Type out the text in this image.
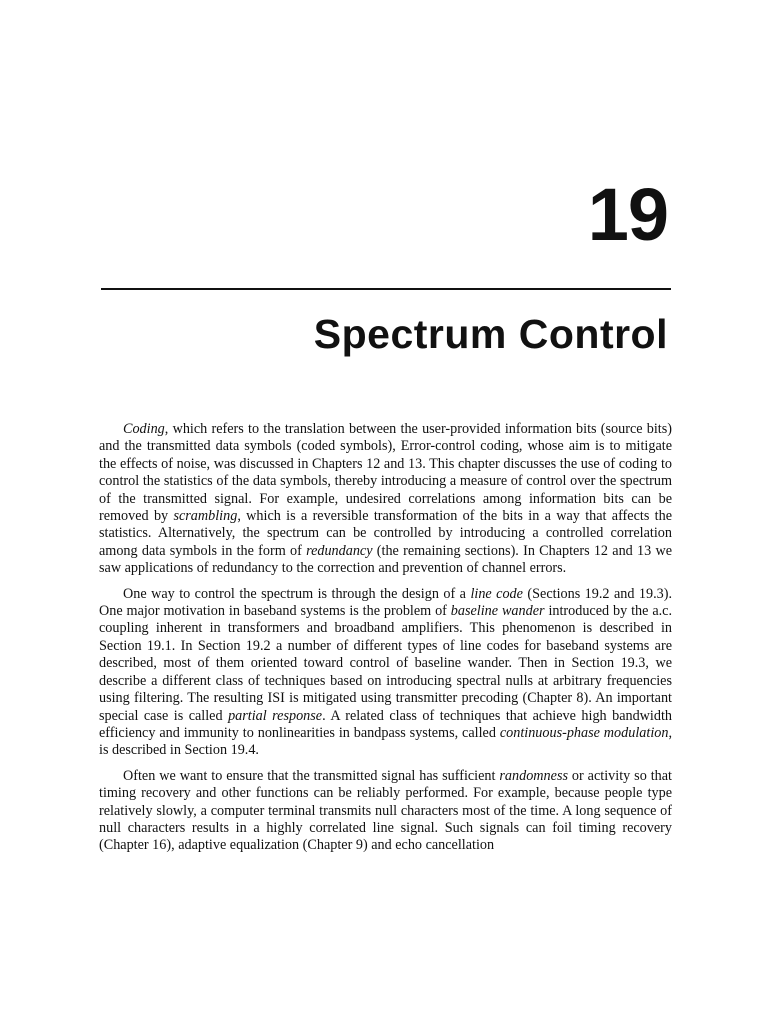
19
Spectrum Control

Coding, which refers to the translation between the user-provided information bits (source bits) and the transmitted data symbols (coded symbols), Error-control coding, whose aim is to mitigate the effects of noise, was discussed in Chapters 12 and 13. This chapter discusses the use of coding to control the statistics of the data symbols, thereby introducing a measure of control over the spectrum of the transmitted signal. For example, undesired correlations among information bits can be removed by scrambling, which is a reversible transformation of the bits in a way that affects the statistics. Alternatively, the spectrum can be controlled by introducing a controlled correlation among data symbols in the form of redundancy (the remaining sections). In Chapters 12 and 13 we saw applications of redundancy to the correction and prevention of channel errors.

One way to control the spectrum is through the design of a line code (Sections 19.2 and 19.3). One major motivation in baseband systems is the problem of baseline wander introduced by the a.c. coupling inherent in transformers and broadband amplifiers. This phenomenon is described in Section 19.1. In Section 19.2 a number of different types of line codes for baseband systems are described, most of them oriented toward control of baseline wander. Then in Section 19.3, we describe a different class of techniques based on introducing spectral nulls at arbitrary frequencies using filtering. The resulting ISI is mitigated using transmitter precoding (Chapter 8). An important special case is called partial response. A related class of techniques that achieve high bandwidth efficiency and immunity to nonlinearities in bandpass systems, called continuous-phase modulation, is described in Section 19.4.

Often we want to ensure that the transmitted signal has sufficient randomness or activity so that timing recovery and other functions can be reliably performed. For example, because people type relatively slowly, a computer terminal transmits null characters most of the time. A long sequence of null characters results in a highly correlated line signal. Such signals can foil timing recovery (Chapter 16), adaptive equalization (Chapter 9) and echo cancellation
